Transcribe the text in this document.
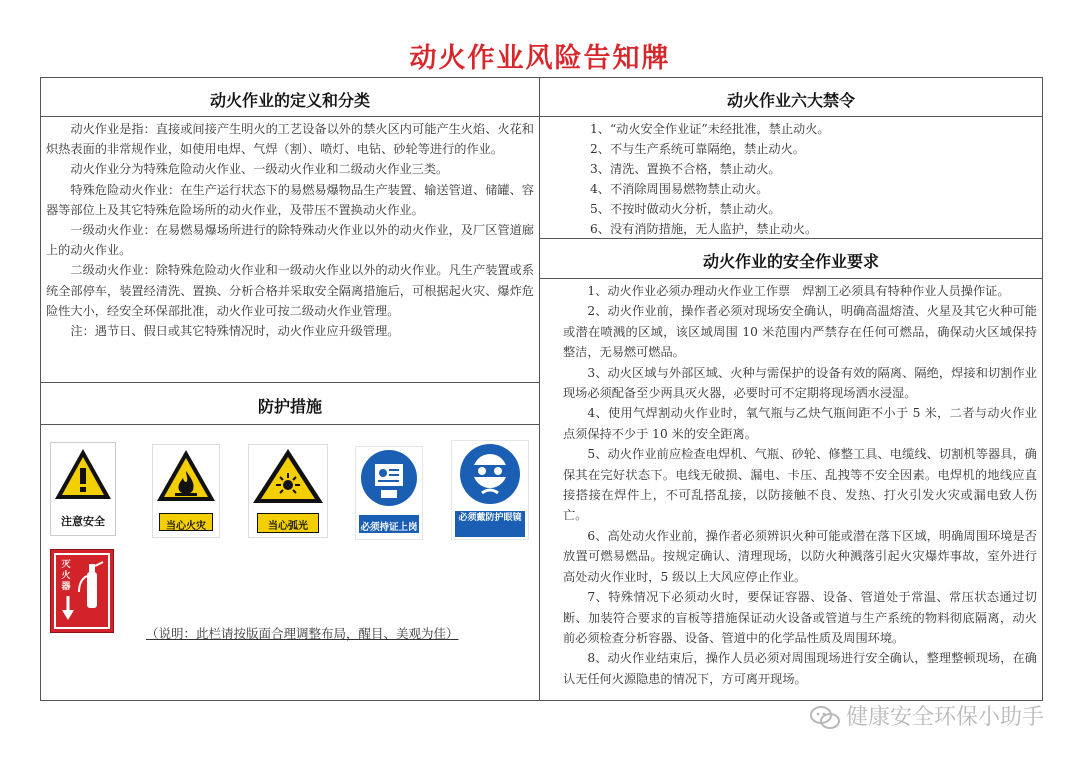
动火作业风险告知牌
动火作业的定义和分类

动火作业是指：直接或间接产生明火的工艺设备以外的禁火区内可能产生火焰、火花和炽热表面的非常规作业，如使用电焊、气焊（割）、喷灯、电钻、砂轮等进行的作业。

动火作业分为特殊危险动火作业、一级动火作业和二级动火作业三类。

特殊危险动火作业：在生产运行状态下的易燃易爆物品生产装置、输送管道、储罐、容器等部位上及其它特殊危险场所的动火作业，及带压不置换动火作业。

一级动火作业：在易燃易爆场所进行的除特殊动火作业以外的动火作业，及厂区管道廊上的动火作业。

二级动火作业：除特殊危险动火作业和一级动火作业以外的动火作业。凡生产装置或系统全部停车，装置经清洗、置换、分析合格并采取安全隔离措施后，可根据起火灾、爆炸危险性大小，经安全环保部批准，动火作业可按二级动火作业管理。

注：遇节日、假日或其它特殊情况时，动火作业应升级管理。

防护措施
注意安全	当心火灾	当心弧光	必须持证上岗
必须戴防护眼镜
灭火器
（说明：此栏请按版面合理调整布局，醒目、美观为佳）
动火作业六大禁令
1、“动火安全作业证”未经批准，禁止动火。
2、不与生产系统可靠隔绝，禁止动火。
3、清洗、置换不合格，禁止动火。
4、不消除周围易燃物禁止动火。
5、不按时做动火分析，禁止动火。
6、没有消防措施，无人监护，禁止动火。
动火作业的安全作业要求

1、动火作业必须办理动火作业工作票　焊割工必须具有特种作业人员操作证。

2、动火作业前，操作者必须对现场安全确认，明确高温熔渣、火星及其它火种可能或潜在喷溅的区域，该区域周围 10 米范围内严禁存在任何可燃品，确保动火区域保持整洁，无易燃可燃品。

3、动火区域与外部区域、火种与需保护的设备有效的隔离、隔绝，焊接和切割作业现场必须配备至少两具灭火器，必要时可不定期将现场洒水浸湿。

4、使用气焊割动火作业时，氧气瓶与乙炔气瓶间距不小于 5 米，二者与动火作业点须保持不少于 10 米的安全距离。

5、动火作业前应检查电焊机、气瓶、砂轮、修整工具、电缆线、切割机等器具，确保其在完好状态下。电线无破损、漏电、卡压、乱拽等不安全因素。电焊机的地线应直接搭接在焊件上，不可乱搭乱接，以防接触不良、发热、打火引发火灾或漏电致人伤亡。

6、高处动火作业前，操作者必须辨识火种可能或潜在落下区域，明确周围环境是否放置可燃易燃品。按规定确认、清理现场，以防火种溅落引起火灾爆炸事故，室外进行高处动火作业时，5 级以上大风应停止作业。

7、特殊情况下必须动火时，要保证容器、设备、管道处于常温、常压状态通过切断、加装符合要求的盲板等措施保证动火设备或管道与生产系统的物料彻底隔离，动火前必须检查分析容器、设备、管道中的化学品性质及周围环境。

8、动火作业结束后，操作人员必须对周围现场进行安全确认，整理整顿现场，在确认无任何火源隐患的情况下，方可离开现场。

健康安全环保小助手
